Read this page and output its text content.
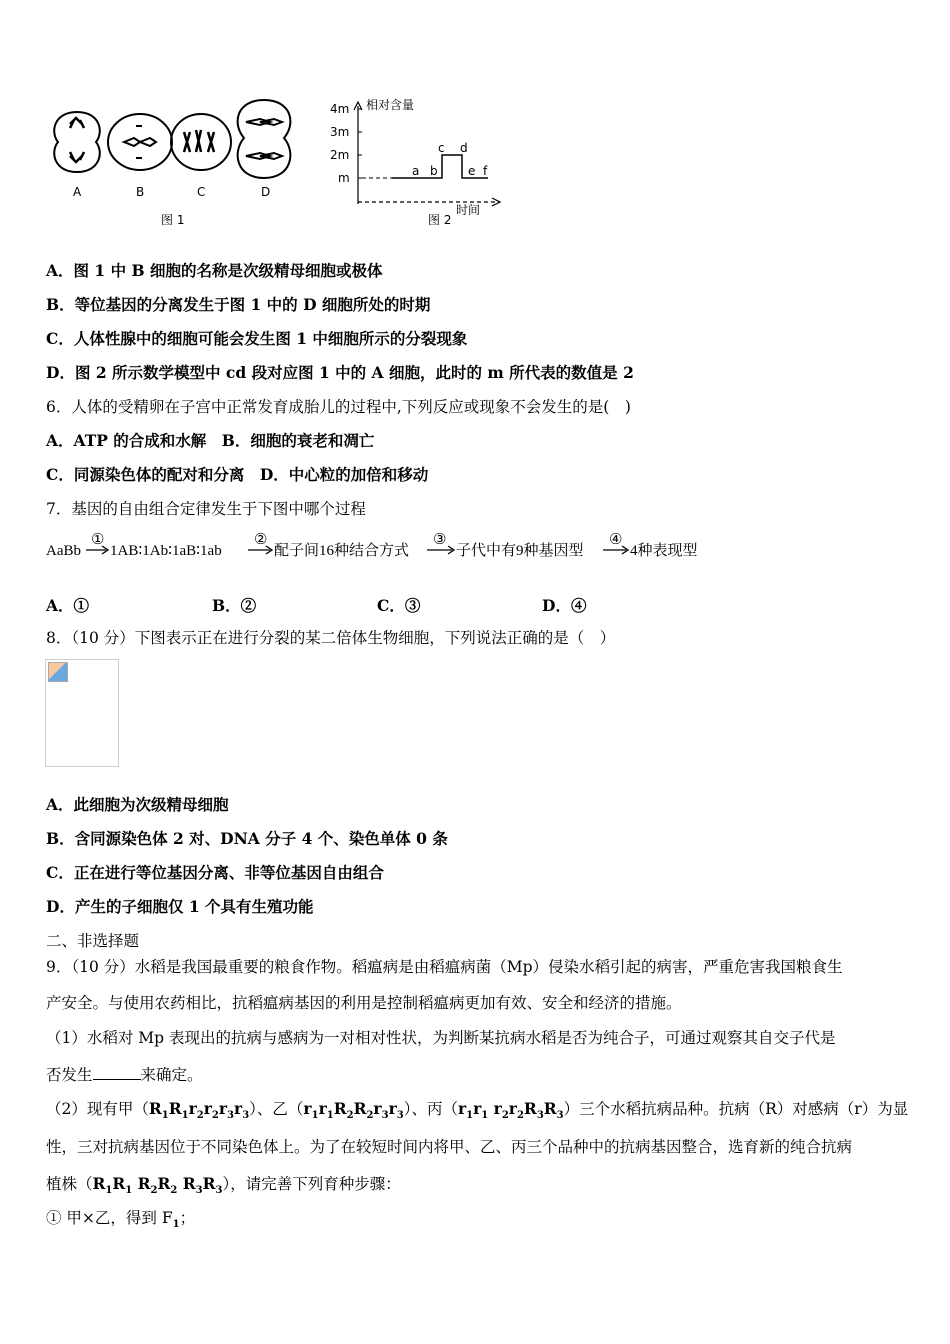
A	B	C	D
图 1
相对含量
4m
3m
2m
m	a b
c d
e f
时间
图 2
A．图 1 中 B 细胞的名称是次级精母细胞或极体
B．等位基因的分离发生于图 1 中的 D 细胞所处的时期
C．人体性腺中的细胞可能会发生图 1 中细胞所示的分裂现象
D．图 2 所示数学模型中 cd 段对应图 1 中的 A 细胞，此时的 m 所代表的数值是 2
6．人体的受精卵在子宫中正常发育成胎儿的过程中,下列反应或现象不会发生的是(　)
A．ATP 的合成和水解　B．细胞的衰老和凋亡
C．同源染色体的配对和分离　D．中心粒的加倍和移动
7．基因的自由组合定律发生于下图中哪个过程
AaBb
①
1AB∶1Ab∶1aB∶1ab
②
配子间16种结合方式
③
子代中有9种基因型
④
4种表现型
A．①	B．②	C．③	D．④
8．（10 分）下图表示正在进行分裂的某二倍体生物细胞，下列说法正确的是（　）
A．此细胞为次级精母细胞
B．含同源染色体 2 对、DNA 分子 4 个、染色单体 0 条
C．正在进行等位基因分离、非等位基因自由组合
D．产生的子细胞仅 1 个具有生殖功能
二、非选择题
9．（10 分）水稻是我国最重要的粮食作物。稻瘟病是由稻瘟病菌（Mp）侵染水稻引起的病害，严重危害我国粮食生
产安全。与使用农药相比，抗稻瘟病基因的利用是控制稻瘟病更加有效、安全和经济的措施。
（1）水稻对 Mp 表现出的抗病与感病为一对相对性状，为判断某抗病水稻是否为纯合子，可通过观察其自交子代是
否发生	来确定。
（2）现有甲$(R_1R_1r_2r_2r_3r_3)$、乙$(r_1r_1R_2R_2r_3r_3)$、丙（$r_1r_1$ $r_2r_2R_3R_3$）三个水稻抗病品种。抗病（R）对感病（r）为显
性，三对抗病基因位于不同染色体上。为了在较短时间内将甲、乙、丙三个品种中的抗病基因整合，选育新的纯合抗病
植株（$R_1R_1$ $R_2R_2$ $R_3R_3$），请完善下列育种步骤：
① 甲×乙，得到 $F_1$；
